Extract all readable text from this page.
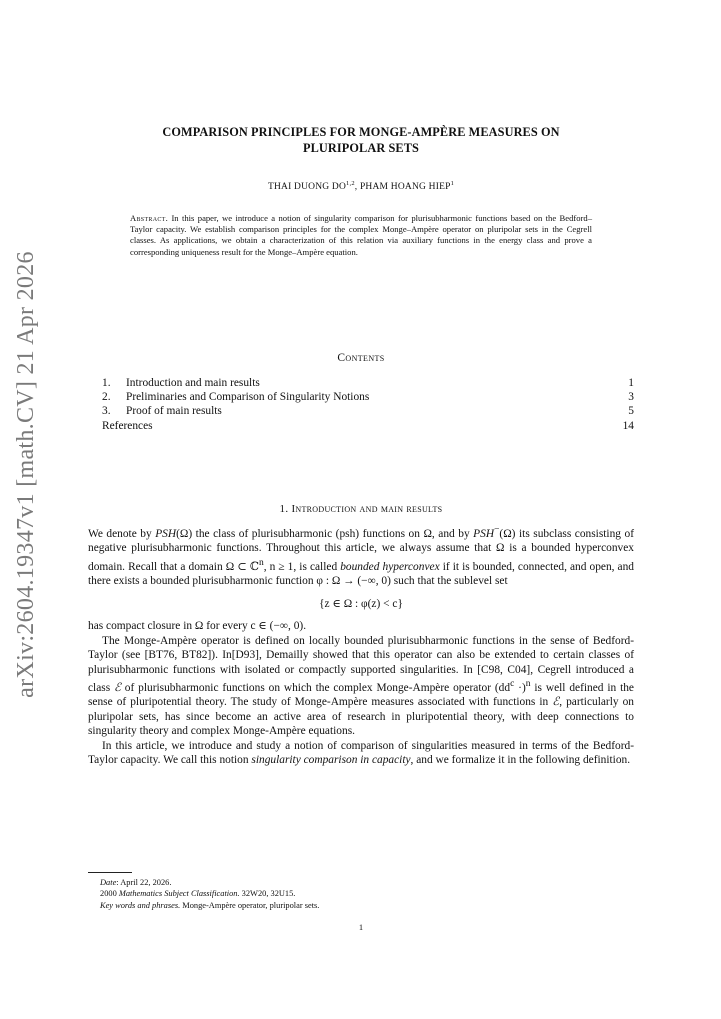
arXiv:2604.19347v1 [math.CV] 21 Apr 2026
COMPARISON PRINCIPLES FOR MONGE-AMPÈRE MEASURES ON
PLURIPOLAR SETS
THAI DUONG DO$^{1,2}$, PHAM HOANG HIEP$^1$
Abstract. In this paper, we introduce a notion of singularity comparison for plurisubharmonic functions based on the Bedford–Taylor capacity. We establish comparison principles for the complex Monge–Ampère operator on pluripolar sets in the Cegrell classes. As applications, we obtain a characterization of this relation via auxiliary functions in the energy class and prove a corresponding uniqueness result for the Monge–Ampère equation.
Contents
1.	Introduction and main results	1
2.	Preliminaries and Comparison of Singularity Notions	3
3.	Proof of main results	5
References	14
1. Introduction and main results

We denote by PSH(Ω) the class of plurisubharmonic (psh) functions on Ω, and by PSH−(Ω) its subclass consisting of negative plurisubharmonic functions. Throughout this article, we always assume that Ω is a bounded hyperconvex domain. Recall that a domain Ω ⊂ ℂ$^n$, n ≥ 1, is called bounded hyperconvex if it is bounded, connected, and open, and there exists a bounded plurisubharmonic function φ : Ω → (−∞, 0) such that the sublevel set

{z ∈ Ω : φ(z) < c}

has compact closure in Ω for every c ∈ (−∞, 0).

The Monge-Ampère operator is defined on locally bounded plurisubharmonic functions in the sense of Bedford-Taylor (see [BT76, BT82]). In[D93], Demailly showed that this operator can also be extended to certain classes of plurisubharmonic functions with isolated or compactly supported singularities. In [C98, C04], Cegrell introduced a class ℰ of plurisubharmonic functions on which the complex Monge-Ampère operator $(dd^c \cdot)^n$ is well defined in the sense of pluripotential theory. The study of Monge-Ampère measures associated with functions in ℰ, particularly on pluripolar sets, has since become an active area of research in pluripotential theory, with deep connections to singularity theory and complex Monge-Ampère equations.

In this article, we introduce and study a notion of comparison of singularities measured in terms of the Bedford-Taylor capacity. We call this notion singularity comparison in capacity, and we formalize it in the following definition.

Date: April 22, 2026.
2000 Mathematics Subject Classification. 32W20, 32U15.
Key words and phrases. Monge-Ampère operator, pluripolar sets.
1
